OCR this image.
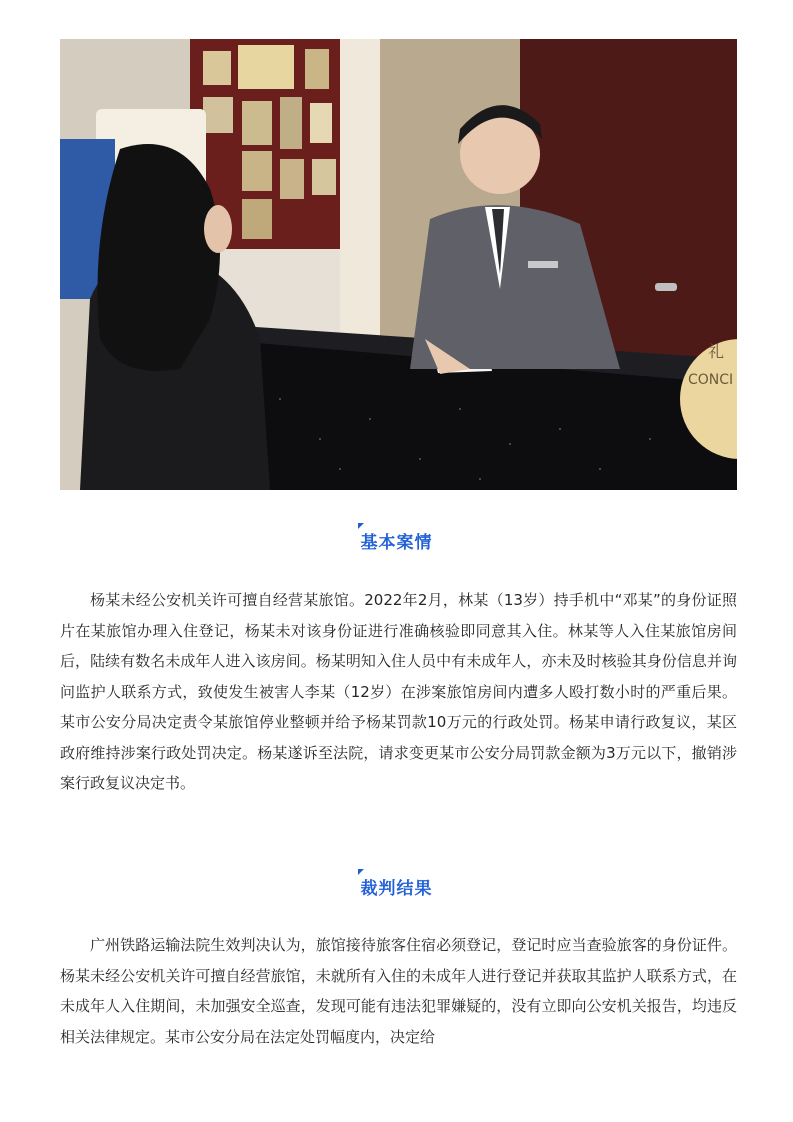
礼
CONCI
基本案情

杨某未经公安机关许可擅自经营某旅馆。2022年2月，林某（13岁）持手机中“邓某”的身份证照片在某旅馆办理入住登记，杨某未对该身份证进行准确核验即同意其入住。林某等人入住某旅馆房间后，陆续有数名未成年人进入该房间。杨某明知入住人员中有未成年人，亦未及时核验其身份信息并询问监护人联系方式，致使发生被害人李某（12岁）在涉案旅馆房间内遭多人殴打数小时的严重后果。某市公安分局决定责令某旅馆停业整顿并给予杨某罚款10万元的行政处罚。杨某申请行政复议，某区政府维持涉案行政处罚决定。杨某遂诉至法院，请求变更某市公安分局罚款金额为3万元以下，撤销涉案行政复议决定书。

裁判结果

广州铁路运输法院生效判决认为，旅馆接待旅客住宿必须登记，登记时应当查验旅客的身份证件。杨某未经公安机关许可擅自经营旅馆，未就所有入住的未成年人进行登记并获取其监护人联系方式，在未成年人入住期间，未加强安全巡查，发现可能有违法犯罪嫌疑的，没有立即向公安机关报告，均违反相关法律规定。某市公安分局在法定处罚幅度内，决定给
